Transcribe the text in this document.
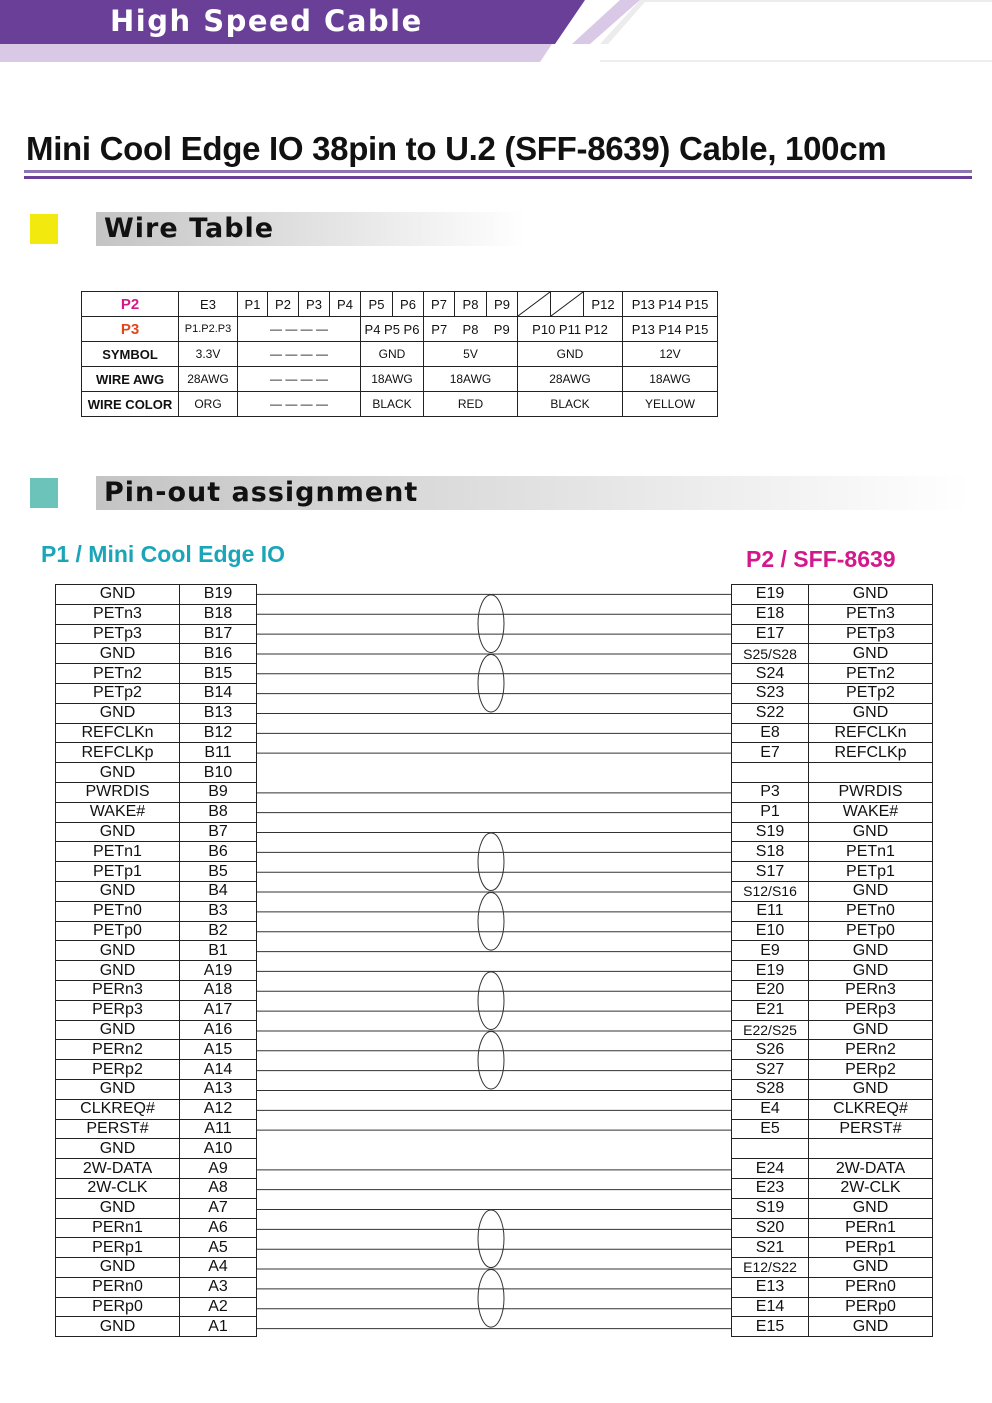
High Speed Cable
Mini Cool Edge IO 38pin to U.2 (SFF-8639) Cable, 100cm
Wire Table
P2	E3	P1	P2	P3	P4	P5	P6	P7	P8	P9			P12	P13 P14 P15
P3	P1.P2.P3	— — — —				P4 P5 P6		P7	P8	P9	P10 P11 P12			P13 P14 P15
SYMBOL	3.3V	— — — —				GND		5V			GND			12V
WIRE AWG	28AWG	— — — —				18AWG		18AWG			28AWG			18AWG
WIRE COLOR	ORG	— — — —				BLACK		RED			BLACK			YELLOW
Pin-out assignment
P1 / Mini Cool Edge IO	P2 / SFF-8639
GND	B19
PETn3	B18
PETp3	B17
GND	B16
PETn2	B15
PETp2	B14
GND	B13
REFCLKn	B12
REFCLKp	B11
GND	B10
PWRDIS	B9
WAKE#	B8
GND	B7
PETn1	B6
PETp1	B5
GND	B4
PETn0	B3
PETp0	B2
GND	B1
GND	A19
PERn3	A18
PERp3	A17
GND	A16
PERn2	A15
PERp2	A14
GND	A13
CLKREQ#	A12
PERST#	A11
GND	A10
2W-DATA	A9
2W-CLK	A8
GND	A7
PERn1	A6
PERp1	A5
GND	A4
PERn0	A3
PERp0	A2
GND	A1
E19	GND
E18	PETn3
E17	PETp3
S25/S28	GND
S24	PETn2
S23	PETp2
S22	GND
E8	REFCLKn
E7	REFCLKp

P3	PWRDIS
P1	WAKE#
S19	GND
S18	PETn1
S17	PETp1
S12/S16	GND
E11	PETn0
E10	PETp0
E9	GND
E19	GND
E20	PERn3
E21	PERp3
E22/S25	GND
S26	PERn2
S27	PERp2
S28	GND
E4	CLKREQ#
E5	PERST#

E24	2W-DATA
E23	2W-CLK
S19	GND
S20	PERn1
S21	PERp1
E12/S22	GND
E13	PERn0
E14	PERp0
E15	GND
